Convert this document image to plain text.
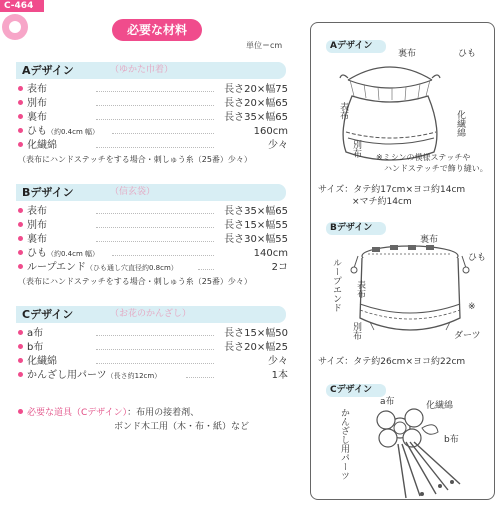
C-464
必要な材料
単位＝cm
Aデザイン	（ゆかた巾着）
表布	長さ20×幅75
別布	長さ20×幅65
裏布	長さ35×幅65
ひも（約0.4cm 幅）	160cm
化繊綿	少々
（表布にハンドステッチをする場合・刺しゅう糸（25番）少々）
Bデザイン	（信玄袋）
表布	長さ35×幅65
別布	長さ15×幅55
裏布	長さ30×幅55
ひも（約0.4cm 幅）	140cm
ループエンド（ひも通し穴直径約0.8cm）	2コ
（表布にハンドステッチをする場合・刺しゅう糸（25番）少々）
Cデザイン	（お花のかんざし）
a布	長さ15×幅50
b布	長さ20×幅25
化繊綿	少々
かんざし用パーツ（長さ約12cm）	1本
必要な道具（Cデザイン）：布用の接着剤、
ボンド木工用（木・布・紙）など
Aデザイン
裏布	ひも
表布	化繊綿
別布 ※ミシンの模様ステッチや
ハンドステッチで飾り縫い。
サイズ：タテ約17cm×ヨコ約14cm
×マチ約14cm
Bデザイン
裏布
ひも
ループエンド 表布
※
別布	ダーツ
サイズ：タテ約26cm×ヨコ約22cm
Cデザイン
a布	化繊綿
かんざし用パーツ	b布
